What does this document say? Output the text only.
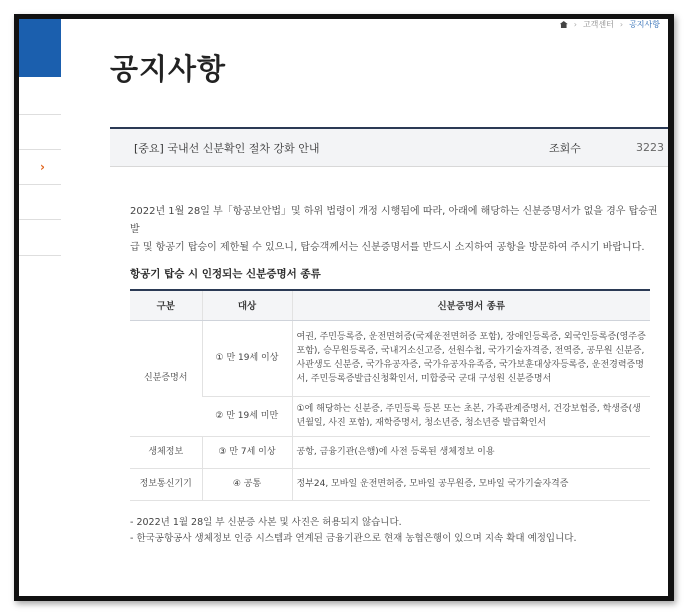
›
› 고객센터 › 공지사항
공지사항
[중요] 국내선 신분확인 절차 강화 안내	조회수	3223
2022년 1월 28일 부「항공보안법」및 하위 법령이 개정 시행됨에 따라, 아래에 해당하는 신분증명서가 없을 경우 탑승권 발
급 및 항공기 탑승이 제한될 수 있으니, 탑승객께서는 신분증명서를 반드시 소지하여 공항을 방문하여 주시기 바랍니다.
항공기 탑승 시 인정되는 신분증명서 종류
구분	대상	신분증명서 종류
신분증명서	① 만 19세 이상	여권, 주민등록증, 운전면허증(국제운전면허증 포함), 장애인등록증, 외국인등록증(영주증 포함), 승무원등록증, 국내거소신고증, 선원수첩, 국가기술자격증, 전역증, 공무원 신분증, 사관생도 신분증, 국가유공자증, 국가유공자유족증, 국가보훈대상자등록증, 운전경력증명서, 주민등록증발급신청확인서, 미합중국 군대 구성원 신분증명서
	② 만 19세 미만	①에 해당하는 신분증, 주민등록 등본 또는 초본, 가족관계증명서, 건강보험증, 학생증(생년월일, 사진 포함), 재학증명서, 청소년증, 청소년증 발급확인서
생체정보	③ 만 7세 이상	공항, 금융기관(은행)에 사전 등록된 생체정보 이용
정보통신기기	④ 공통	정부24, 모바일 운전면허증, 모바일 공무원증, 모바일 국가기술자격증
- 2022년 1월 28일 부 신분증 사본 및 사진은 허용되지 않습니다.
- 한국공항공사 생체정보 인증 시스템과 연계된 금융기관으로 현재 농협은행이 있으며 지속 확대 예정입니다.
